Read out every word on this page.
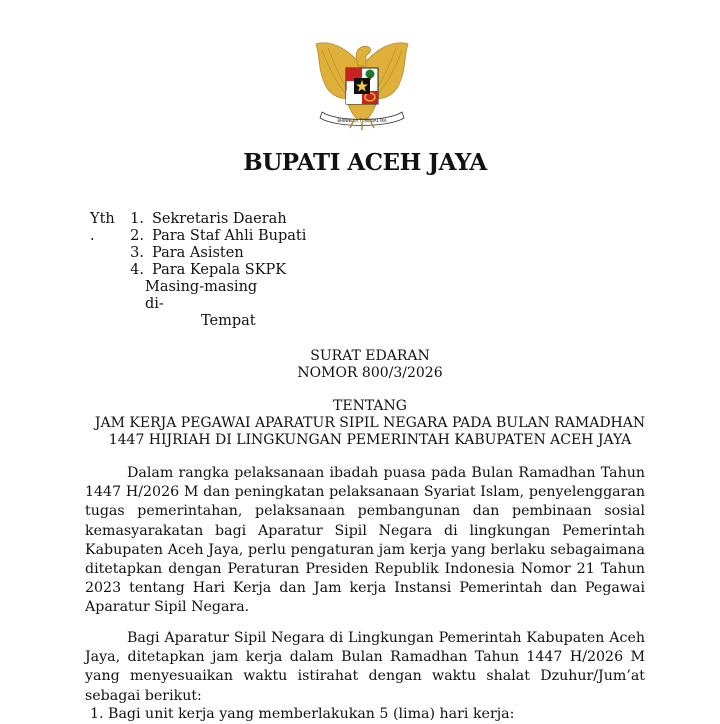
BHINNEKA TUNGGAL IKA
BUPATI ACEH JAYA
Yth	1. Sekretaris Daerah
.	2. Para Staf Ahli Bupati
3. Para Asisten
4. Para Kepala SKPK
Masing-masing
di-
Tempat
SURAT EDARAN
NOMOR 800/3/2026
TENTANG
JAM KERJA PEGAWAI APARATUR SIPIL NEGARA PADA BULAN RAMADHAN
1447 HIJRIAH DI LINGKUNGAN PEMERINTAH KABUPATEN ACEH JAYA
Dalam rangka pelaksanaan ibadah puasa pada Bulan Ramadhan Tahun 1447 H/2026 M dan peningkatan pelaksanaan Syariat Islam, penyelenggaran tugas pemerintahan, pelaksanaan pembangunan dan pembinaan sosial kemasyarakatan bagi Aparatur Sipil Negara di lingkungan Pemerintah Kabupaten Aceh Jaya, perlu pengaturan jam kerja yang berlaku sebagaimana ditetapkan dengan Peraturan Presiden Republik Indonesia Nomor 21 Tahun 2023 tentang Hari Kerja dan Jam kerja Instansi Pemerintah dan Pegawai Aparatur Sipil Negara.
Bagi Aparatur Sipil Negara di Lingkungan Pemerintah Kabupaten Aceh Jaya, ditetapkan jam kerja dalam Bulan Ramadhan Tahun 1447 H/2026 M yang menyesuaikan waktu istirahat dengan waktu shalat Dzuhur/Jum’at sebagai berikut:
1. Bagi unit kerja yang memberlakukan 5 (lima) hari kerja:
